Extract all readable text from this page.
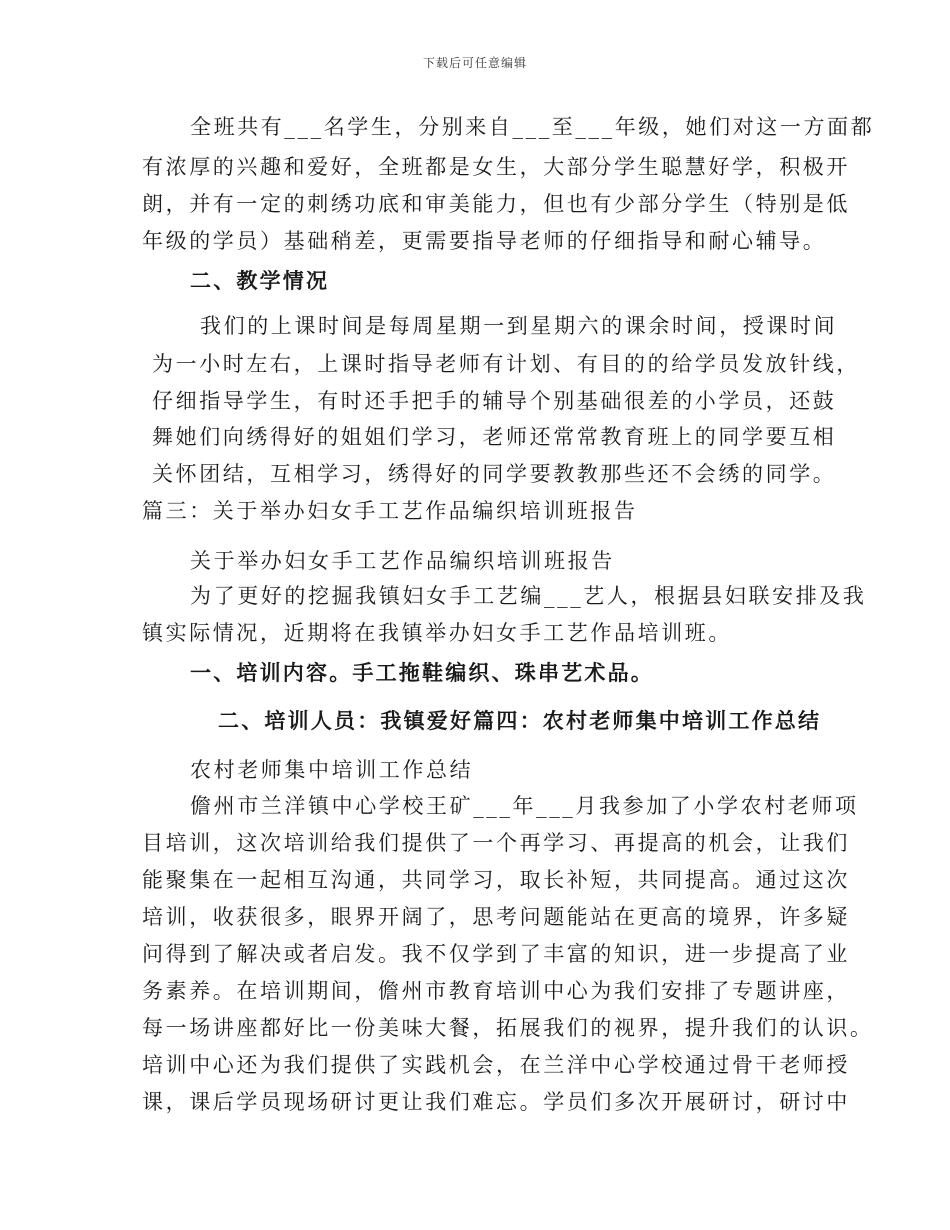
下载后可任意编辑
全班共有___名学生，分别来自___至___年级，她们对这一方面都
有浓厚的兴趣和爱好，全班都是女生，大部分学生聪慧好学，积极开
朗，并有一定的刺绣功底和审美能力，但也有少部分学生（特别是低
年级的学员）基础稍差，更需要指导老师的仔细指导和耐心辅导。
二、教学情况
我们的上课时间是每周星期一到星期六的课余时间，授课时间
为一小时左右，上课时指导老师有计划、有目的的给学员发放针线，
仔细指导学生，有时还手把手的辅导个别基础很差的小学员，还鼓
舞她们向绣得好的姐姐们学习，老师还常常教育班上的同学要互相
关怀团结，互相学习，绣得好的同学要教教那些还不会绣的同学。
篇三：关于举办妇女手工艺作品编织培训班报告
关于举办妇女手工艺作品编织培训班报告
为了更好的挖掘我镇妇女手工艺编___艺人，根据县妇联安排及我
镇实际情况，近期将在我镇举办妇女手工艺作品培训班。
一、培训内容。手工拖鞋编织、珠串艺术品。
二、培训人员：我镇爱好篇四：农村老师集中培训工作总结
农村老师集中培训工作总结
儋州市兰洋镇中心学校王矿___年___月我参加了小学农村老师项
目培训，这次培训给我们提供了一个再学习、再提高的机会，让我们
能聚集在一起相互沟通，共同学习，取长补短，共同提高。通过这次
培训，收获很多，眼界开阔了，思考问题能站在更高的境界，许多疑
问得到了解决或者启发。我不仅学到了丰富的知识，进一步提高了业
务素养。在培训期间，儋州市教育培训中心为我们安排了专题讲座，
每一场讲座都好比一份美味大餐，拓展我们的视界，提升我们的认识。
培训中心还为我们提供了实践机会，在兰洋中心学校通过骨干老师授
课，课后学员现场研讨更让我们难忘。学员们多次开展研讨，研讨中
